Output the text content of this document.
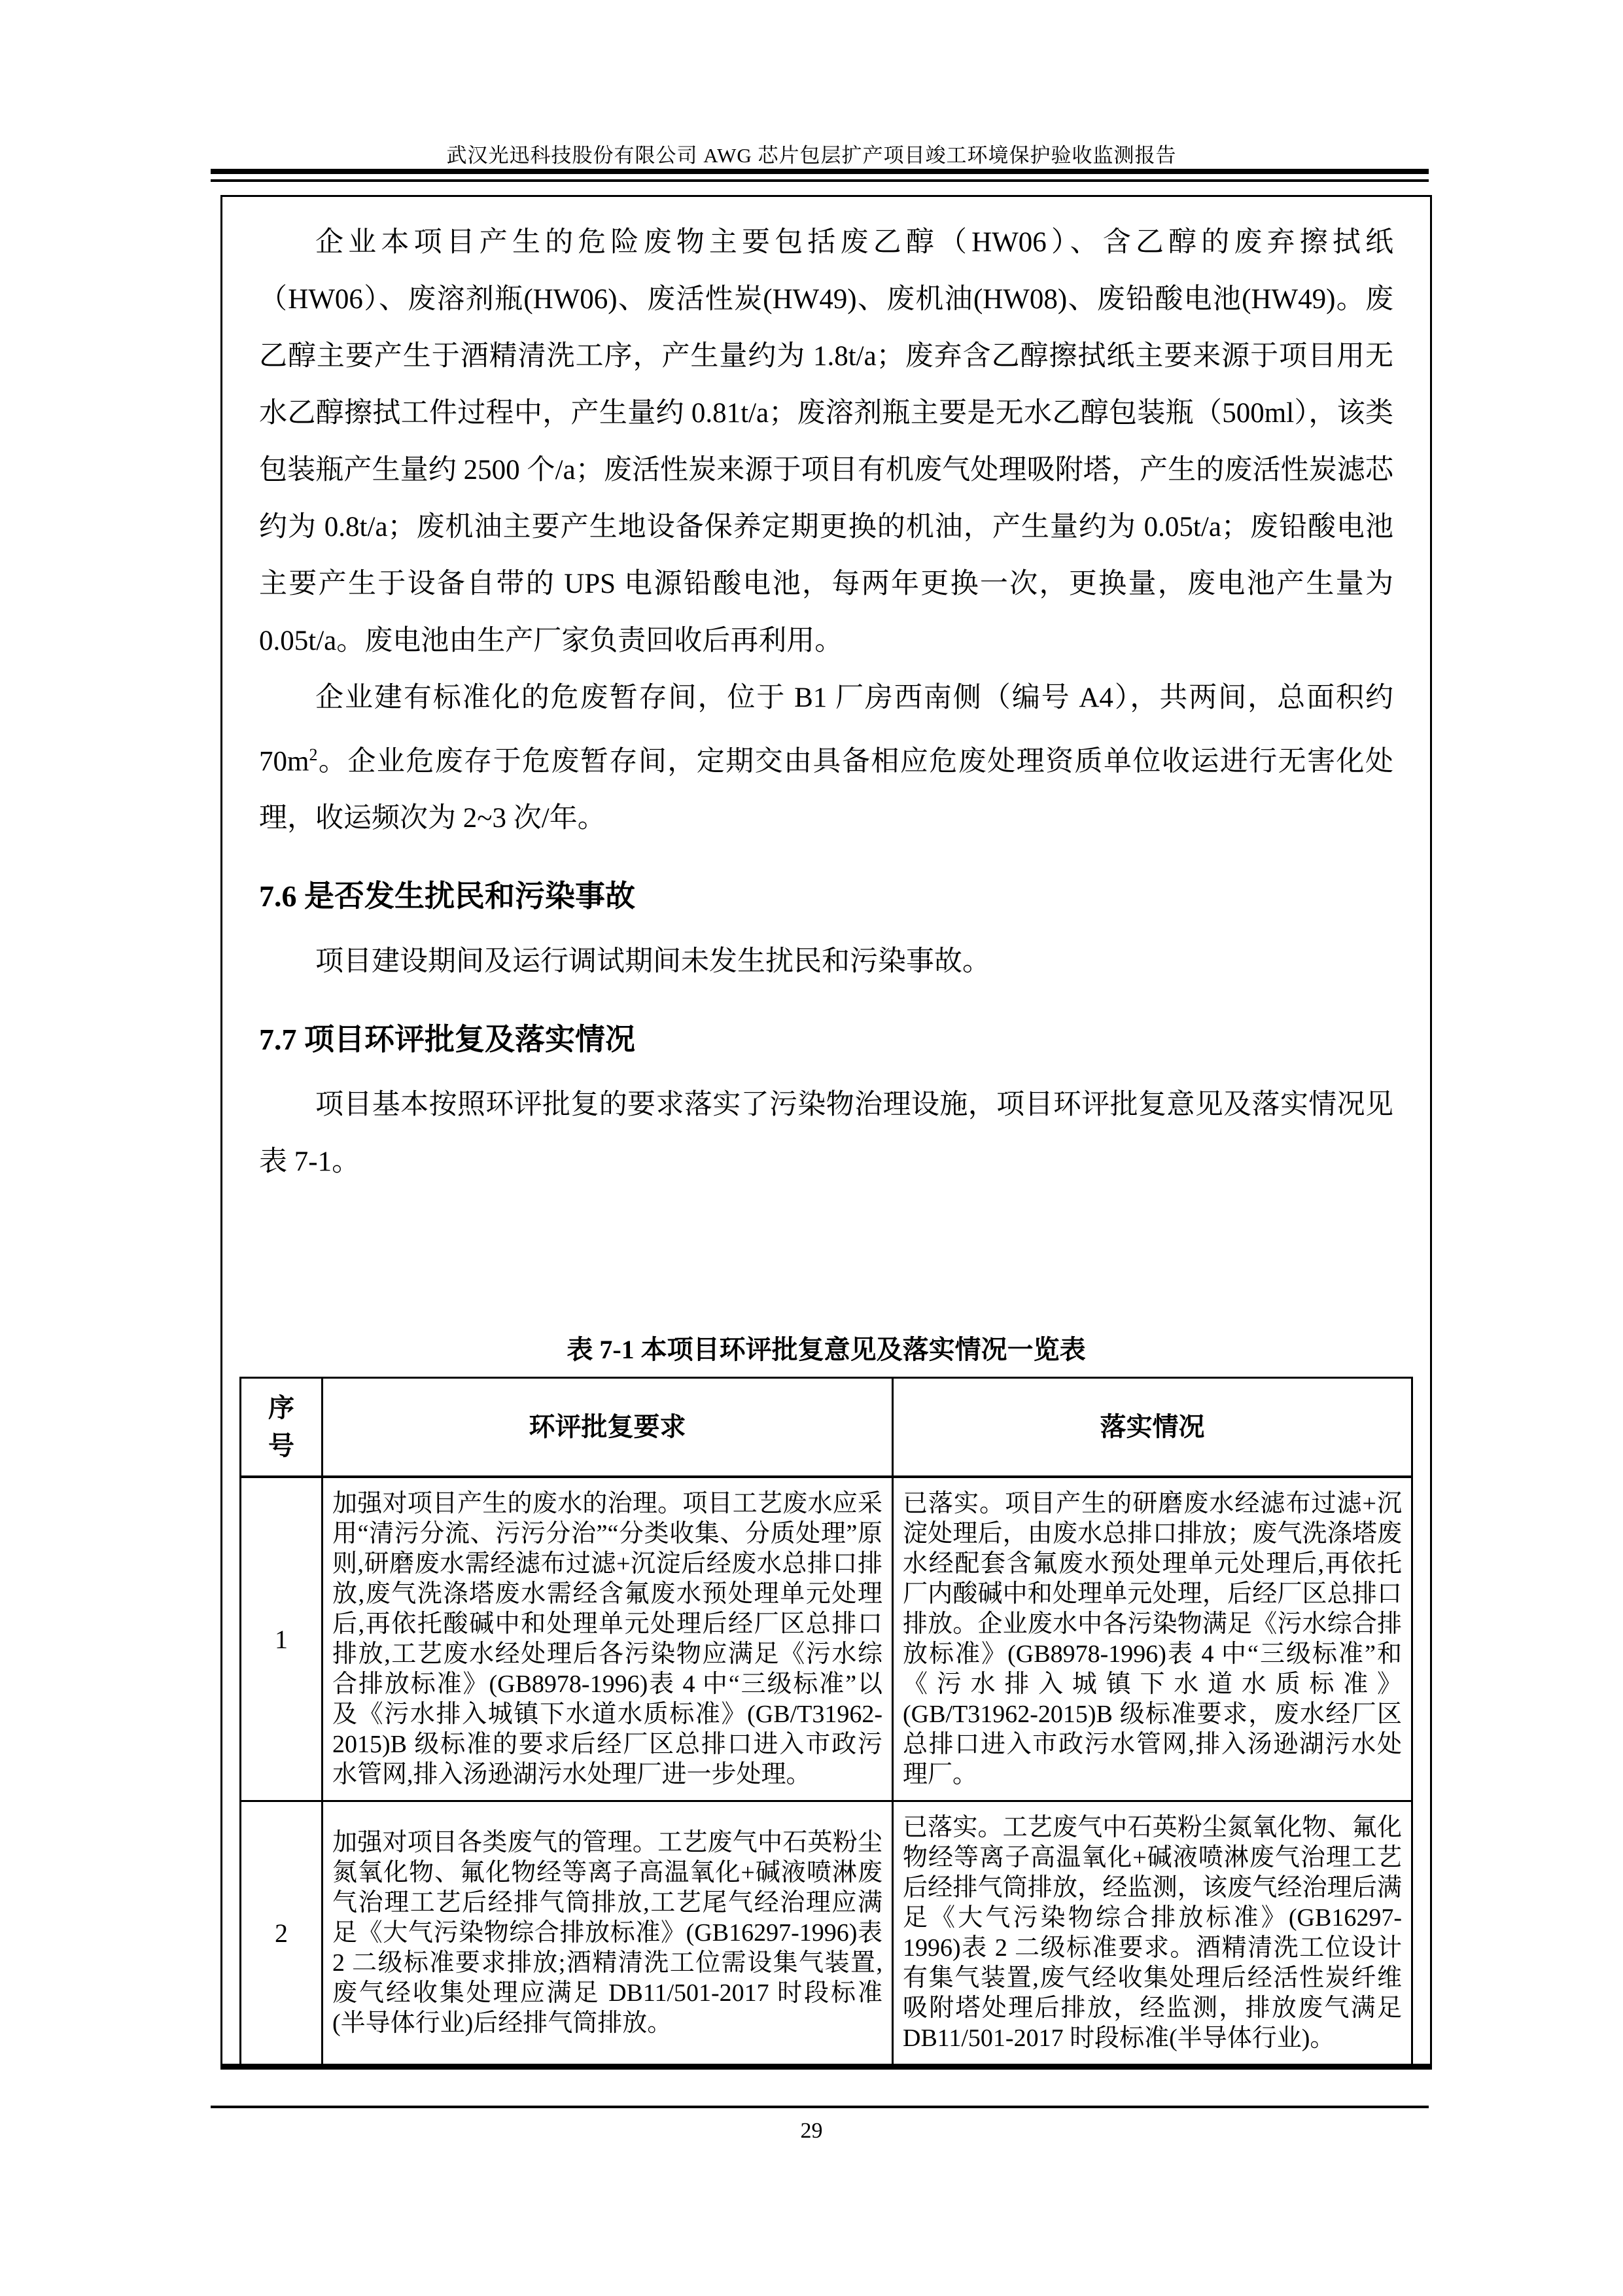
武汉光迅科技股份有限公司 AWG 芯片包层扩产项目竣工环境保护验收监测报告

企业本项目产生的危险废物主要包括废乙醇（HW06）、含乙醇的废弃擦拭纸（HW06）、废溶剂瓶(HW06)、废活性炭(HW49)、废机油(HW08)、废铅酸电池(HW49)。废乙醇主要产生于酒精清洗工序，产生量约为 1.8t/a；废弃含乙醇擦拭纸主要来源于项目用无水乙醇擦拭工件过程中，产生量约 0.81t/a；废溶剂瓶主要是无水乙醇包装瓶（500ml），该类包装瓶产生量约 2500 个/a；废活性炭来源于项目有机废气处理吸附塔，产生的废活性炭滤芯约为 0.8t/a；废机油主要产生地设备保养定期更换的机油，产生量约为 0.05t/a；废铅酸电池主要产生于设备自带的 UPS 电源铅酸电池，每两年更换一次，更换量，废电池产生量为 0.05t/a。废电池由生产厂家负责回收后再利用。

企业建有标准化的危废暂存间，位于 B1 厂房西南侧（编号 A4），共两间，总面积约 $70m^2$。企业危废存于危废暂存间，定期交由具备相应危废处理资质单位收运进行无害化处理，收运频次为 2~3 次/年。

7.6 是否发生扰民和污染事故

项目建设期间及运行调试期间未发生扰民和污染事故。

7.7 项目环评批复及落实情况

项目基本按照环评批复的要求落实了污染物治理设施，项目环评批复意见及落实情况见表 7-1。

表 7-1 本项目环评批复意见及落实情况一览表
序号	环评批复要求	落实情况
1	加强对项目产生的废水的治理。项目工艺废水应采用“清污分流、污污分治”“分类收集、分质处理”原则,研磨废水需经滤布过滤+沉淀后经废水总排口排放,废气洗涤塔废水需经含氟废水预处理单元处理后,再依托酸碱中和处理单元处理后经厂区总排口排放,工艺废水经处理后各污染物应满足《污水综合排放标准》(GB8978-1996)表 4 中“三级标准”以及《污水排入城镇下水道水质标准》(GB/T31962-2015)B 级标准的要求后经厂区总排口进入市政污水管网,排入汤逊湖污水处理厂进一步处理。	已落实。项目产生的研磨废水经滤布过滤+沉淀处理后，由废水总排口排放；废气洗涤塔废水经配套含氟废水预处理单元处理后,再依托厂内酸碱中和处理单元处理，后经厂区总排口排放。企业废水中各污染物满足《污水综合排放标准》(GB8978-1996)表 4 中“三级标准”和《污水排入城镇下水道水质标准》(GB/T31962-2015)B 级标准要求，废水经厂区总排口进入市政污水管网,排入汤逊湖污水处理厂。
2	加强对项目各类废气的管理。工艺废气中石英粉尘氮氧化物、氟化物经等离子高温氧化+碱液喷淋废气治理工艺后经排气筒排放,工艺尾气经治理应满足《大气污染物综合排放标准》(GB16297-1996)表 2 二级标准要求排放;酒精清洗工位需设集气装置,废气经收集处理应满足 DB11/501-2017 时段标准(半导体行业)后经排气筒排放。	已落实。工艺废气中石英粉尘氮氧化物、氟化物经等离子高温氧化+碱液喷淋废气治理工艺后经排气筒排放，经监测，该废气经治理后满足《大气污染物综合排放标准》(GB16297-1996)表 2 二级标准要求。酒精清洗工位设计有集气装置,废气经收集处理后经活性炭纤维吸附塔处理后排放，经监测，排放废气满足 DB11/501-2017 时段标准(半导体行业)。
29
